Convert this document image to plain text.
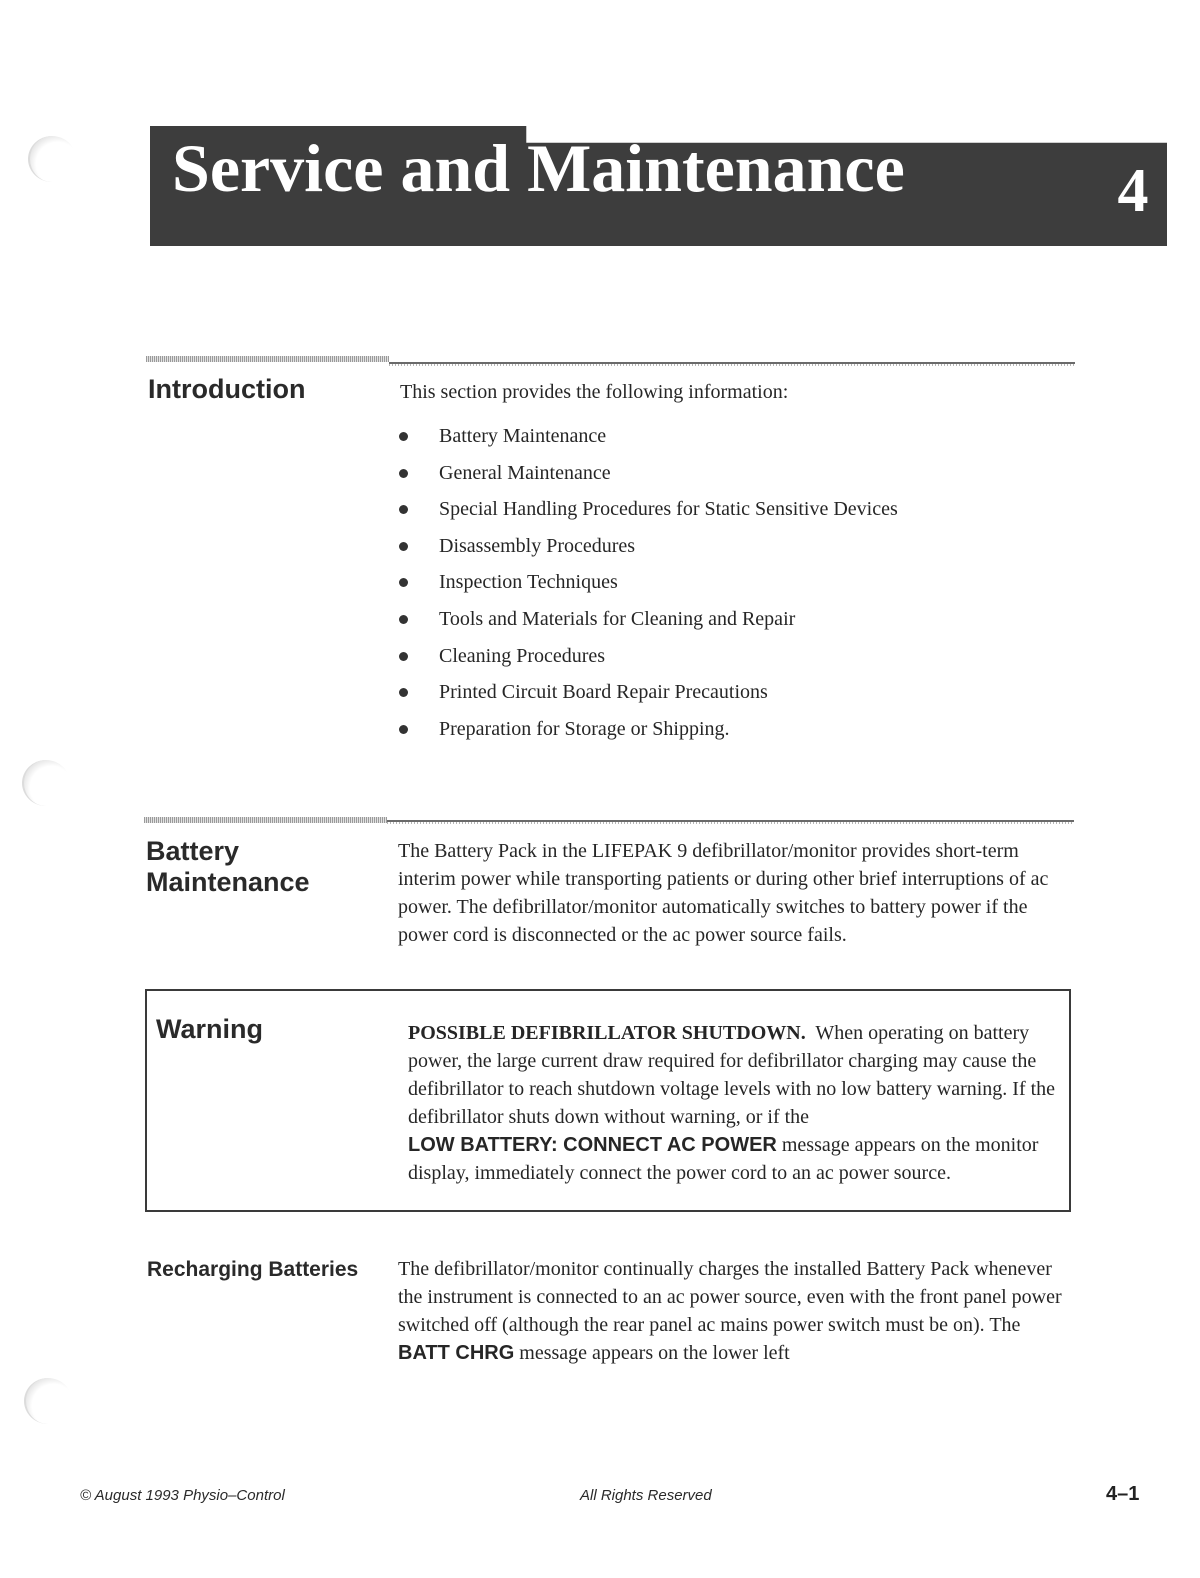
Service and Maintenance	4
Introduction	This section provides the following information:
Battery Maintenance
General Maintenance
Special Handling Procedures for Static Sensitive Devices
Disassembly Procedures
Inspection Techniques
Tools and Materials for Cleaning and Repair
Cleaning Procedures
Printed Circuit Board Repair Precautions
Preparation for Storage or Shipping.
Battery
Maintenance
The Battery Pack in the LIFEPAK 9 defibrillator/monitor provides short-term interim power while transporting patients or during other brief interruptions of ac power. The defibrillator/monitor automatically switches to battery power if the power cord is disconnected or the ac power source fails.
Warning	POSSIBLE DEFIBRILLATOR SHUTDOWN. When operating on battery power, the large current draw required for defibrillator charging may cause the defibrillator to reach shutdown voltage levels with no low battery warning. If the defibrillator shuts down without warning, or if the
LOW BATTERY: CONNECT AC POWER message appears on the monitor display, immediately connect the power cord to an ac power source.
Recharging Batteries The defibrillator/monitor continually charges the installed Battery Pack whenever the instrument is connected to an ac power source, even with the front panel power switched off (although the rear panel ac mains power switch must be on). The BATT CHRG message appears on the lower left
© August 1993 Physio–Control	All Rights Reserved	4–1
